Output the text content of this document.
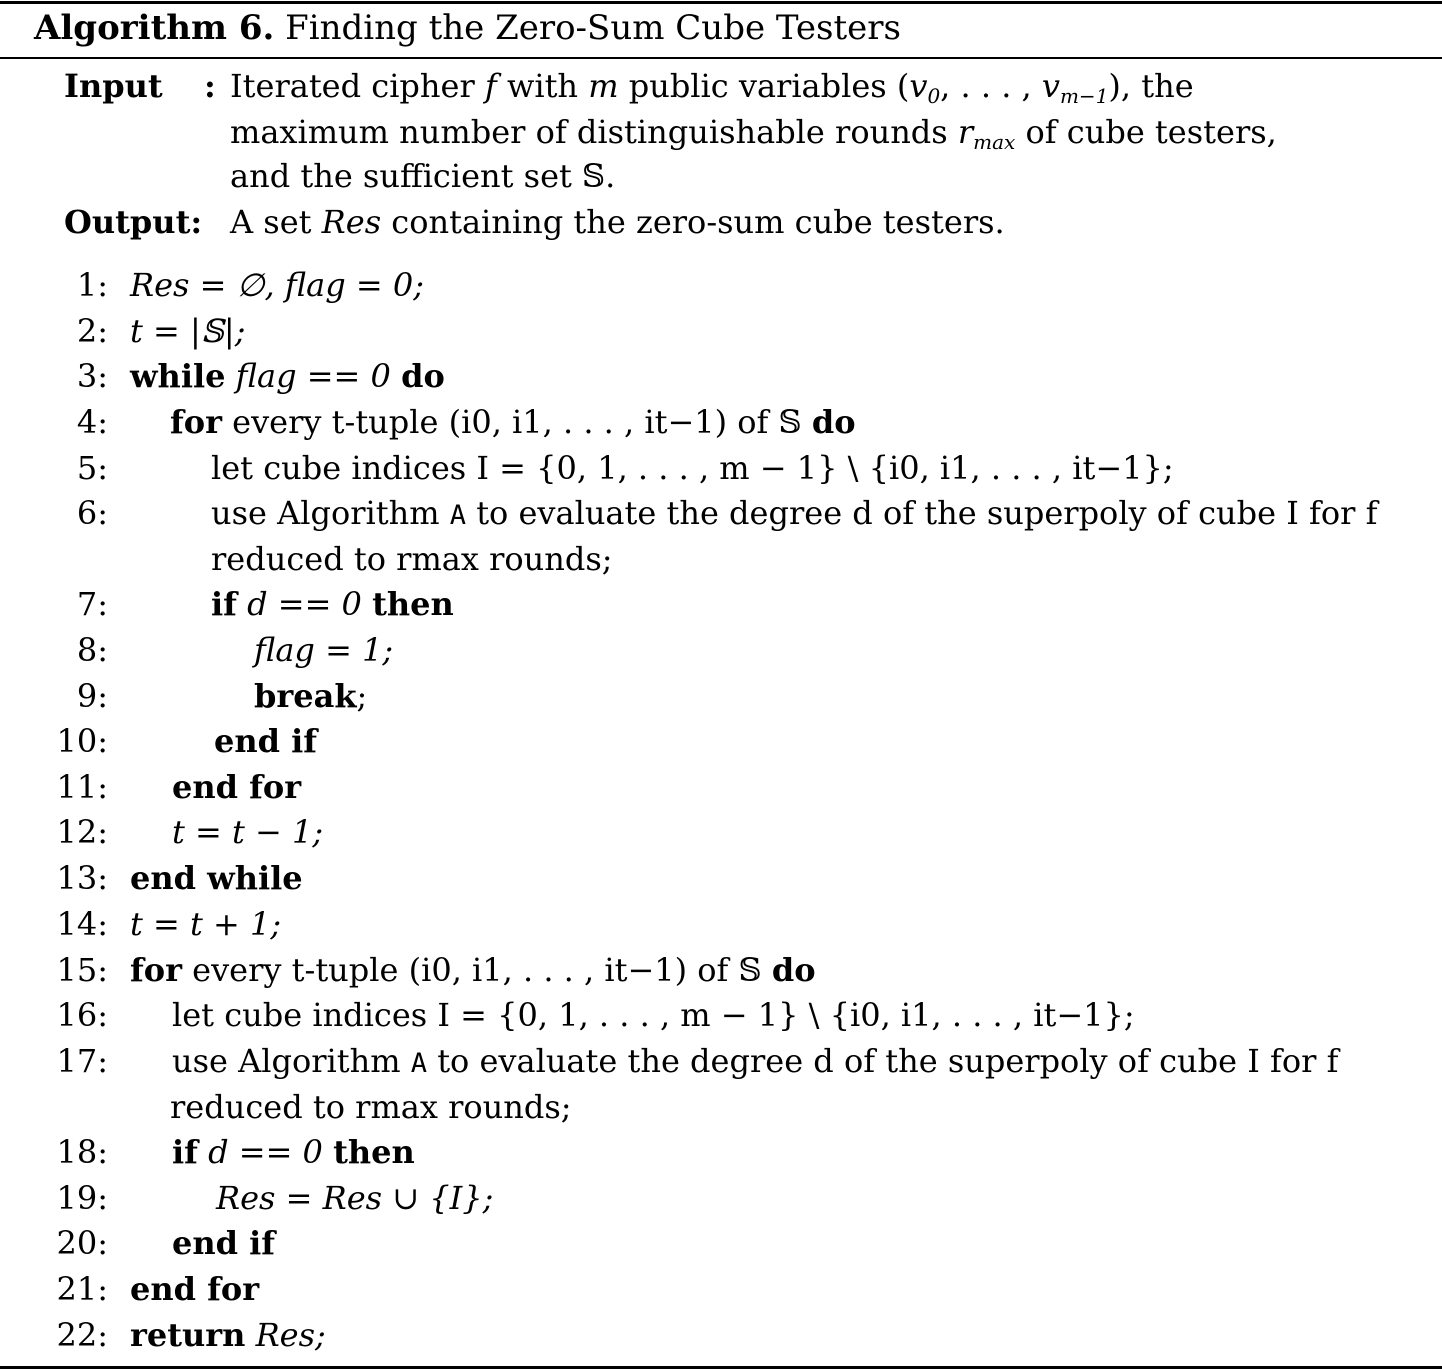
Algorithm 6. Finding the Zero-Sum Cube Testers
Input : Iterated cipher f with m public variables ($v_0$, . . . , $v_{m-1}$), the
maximum number of distinguishable rounds $r_{max}$ of cube testers,
and the sufficient set 𝕊.
Output: A set Res containing the zero-sum cube testers.
1: Res = ∅, flag = 0;
2: t = |𝕊|;
3: while flag == 0 do
4: for every t-tuple (i0, i1, . . . , it−1) of 𝕊 do
5:	let cube indices I = {0, 1, . . . , m − 1} \ {i0, i1, . . . , it−1};
6:	use Algorithm A to evaluate the degree d of the superpoly of cube I for f
reduced to rmax rounds;
7:	if d == 0 then
8:	flag = 1;
9:	break;
10:	end if
11: end for
12: t = t − 1;
13: end while
14: t = t + 1;
15: for every t-tuple (i0, i1, . . . , it−1) of 𝕊 do
16: let cube indices I = {0, 1, . . . , m − 1} \ {i0, i1, . . . , it−1};
17: use Algorithm A to evaluate the degree d of the superpoly of cube I for f
reduced to rmax rounds;
18: if d == 0 then
19:	Res = Res ∪ {I};
20: end if
21: end for
22: return Res;
